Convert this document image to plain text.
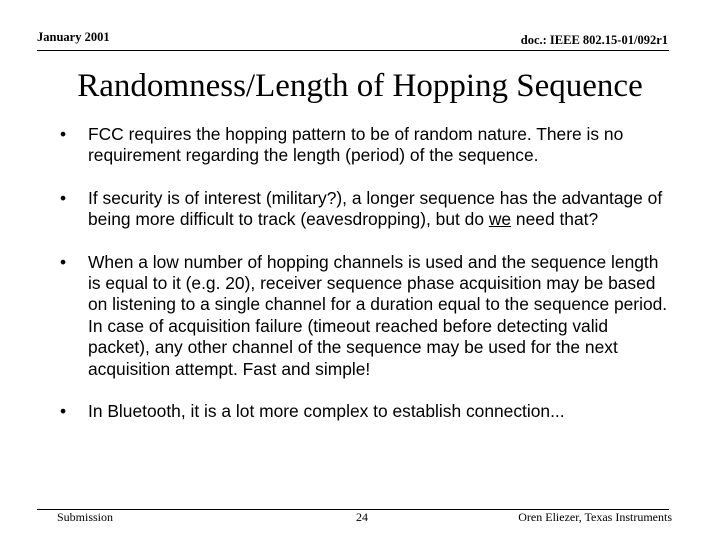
January 2001	doc.: IEEE 802.15-01/092r1
Randomness/Length of Hopping Sequence
• FCC requires the hopping pattern to be of random nature. There is no requirement regarding the length (period) of the sequence.
• If security is of interest (military?), a longer sequence has the advantage of being more difficult to track (eavesdropping), but do we need that?
• When a low number of hopping channels is used and the sequence length is equal to it (e.g. 20), receiver sequence phase acquisition may be based on listening to a single channel for a duration equal to the sequence period. In case of acquisition failure (timeout reached before detecting valid packet), any other channel of the sequence may be used for the next acquisition attempt. Fast and simple!
• In Bluetooth, it is a lot more complex to establish connection...
Submission	24	Oren Eliezer, Texas Instruments
